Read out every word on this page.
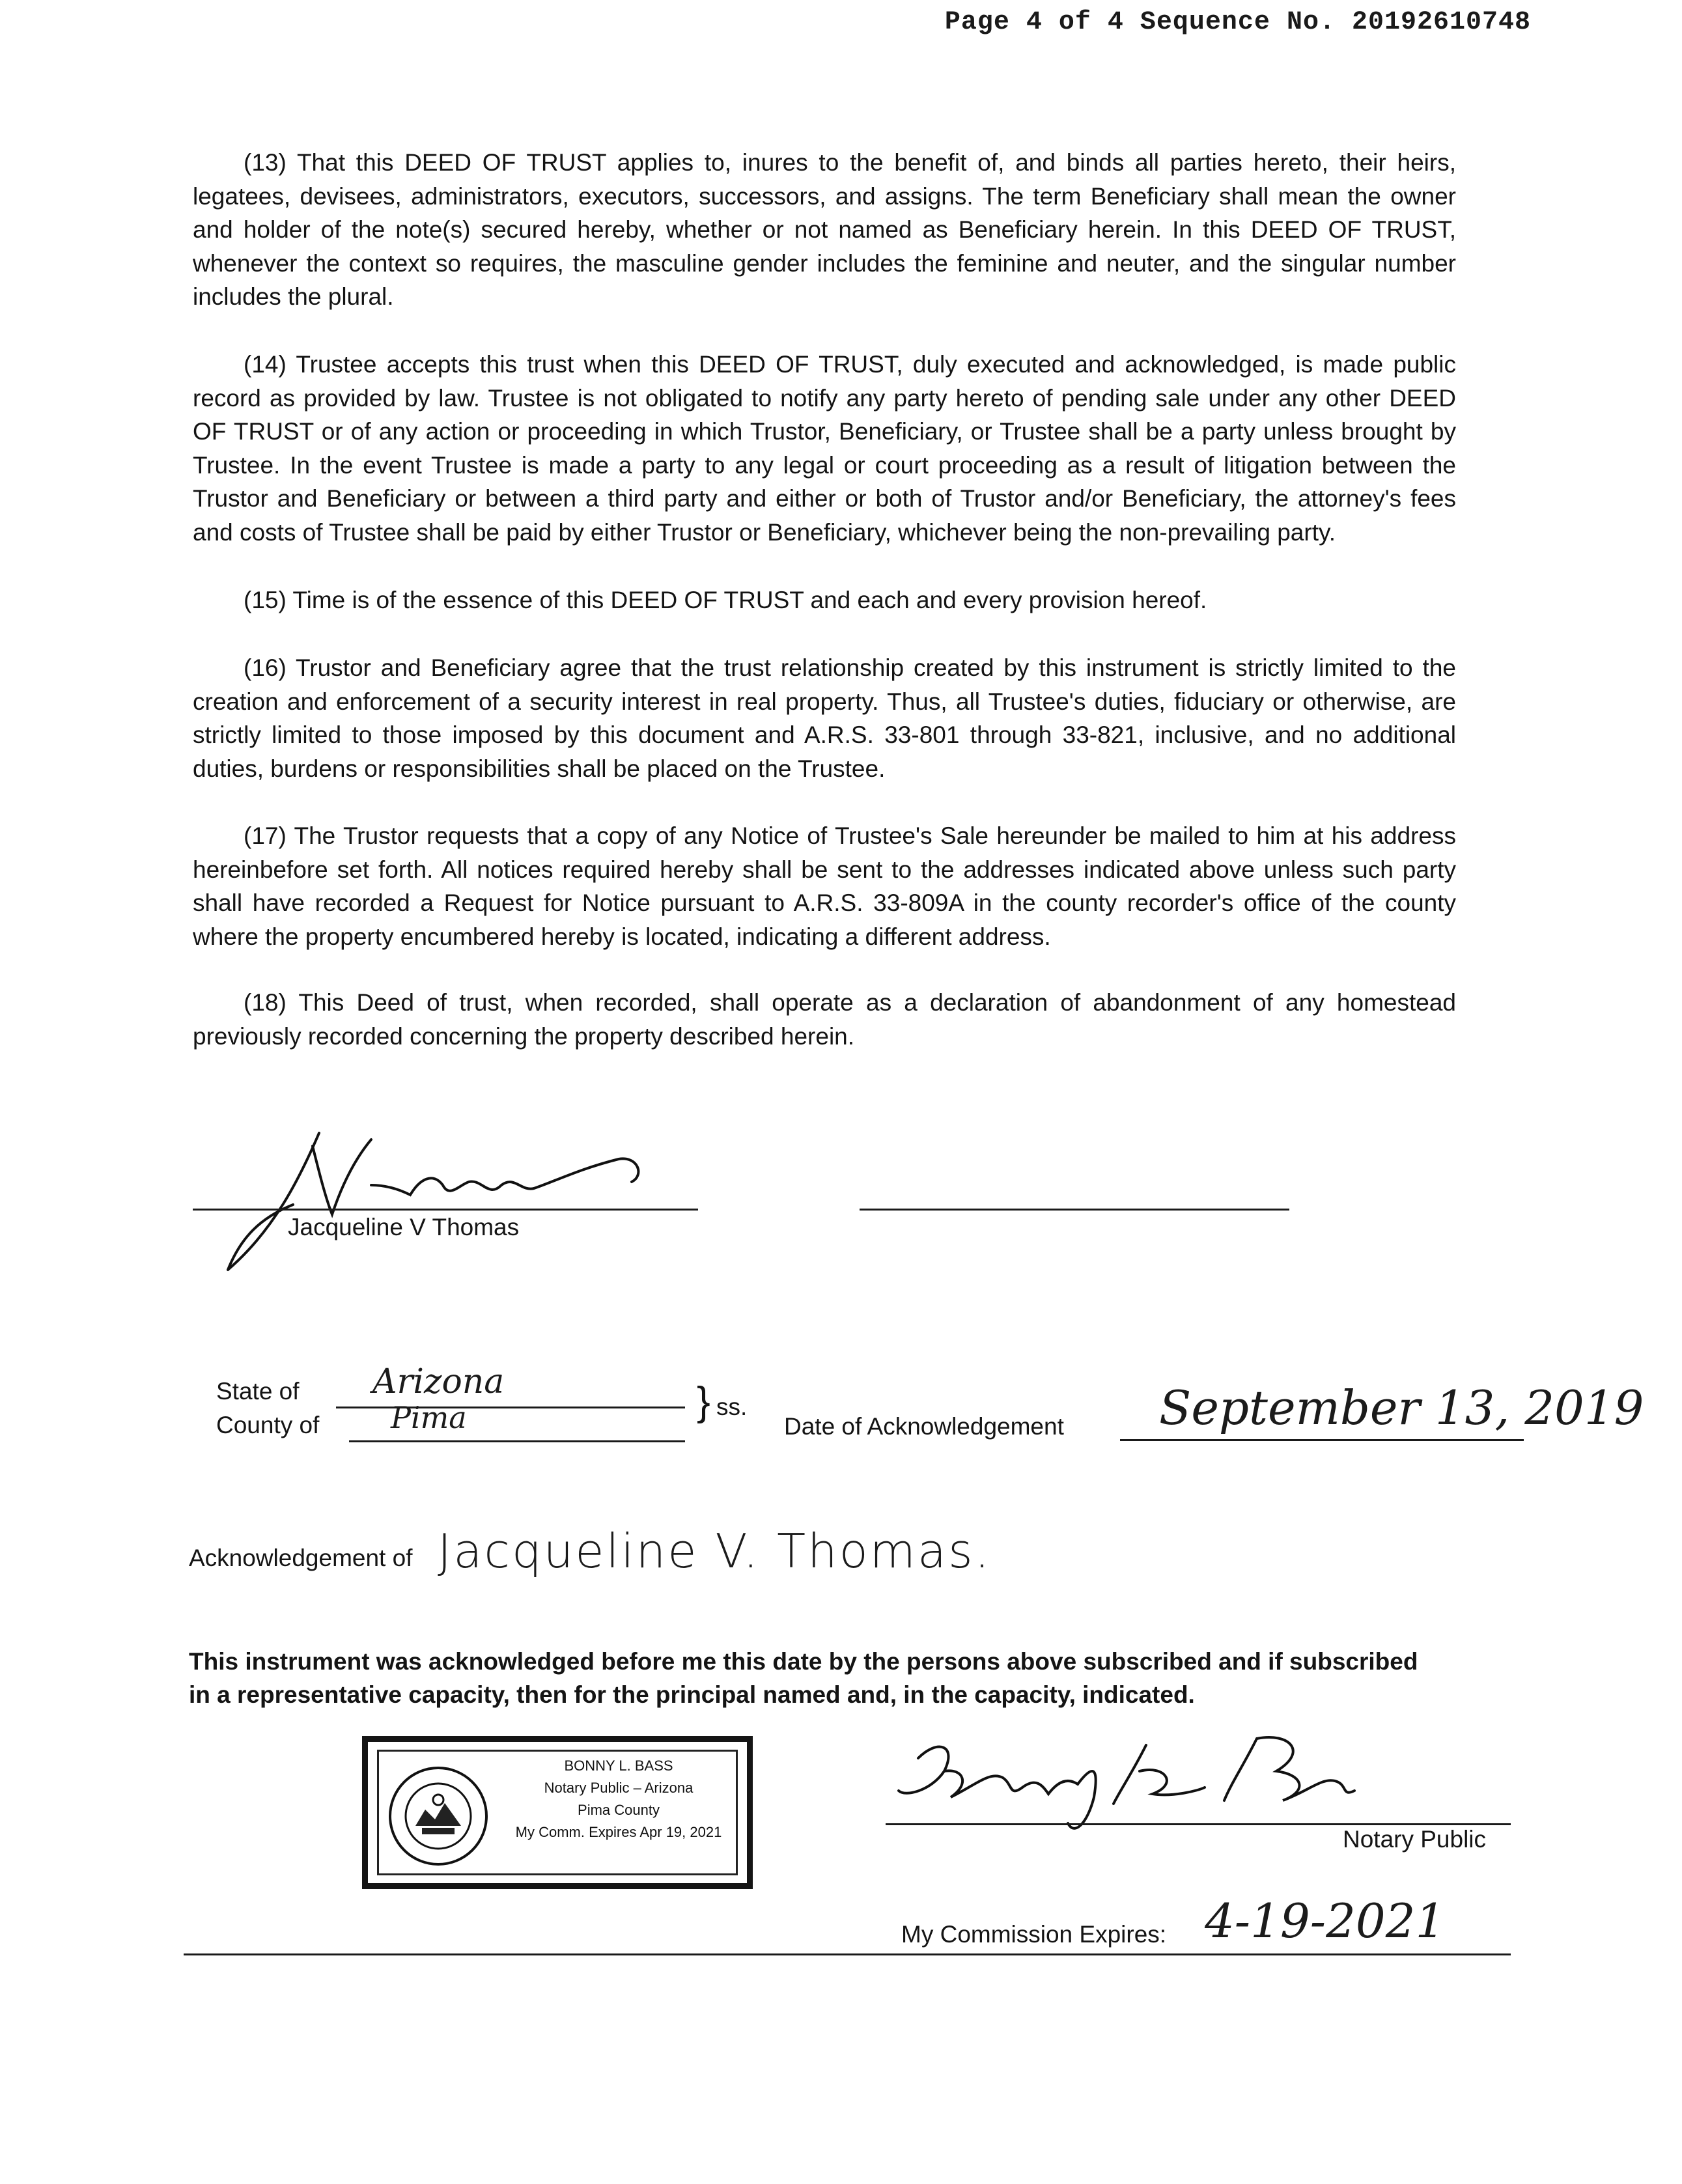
Page 4 of 4 Sequence No. 20192610748

(13) That this DEED OF TRUST applies to, inures to the benefit of, and binds all parties hereto, their heirs, legatees, devisees, administrators, executors, successors, and assigns. The term Beneficiary shall mean the owner and holder of the note(s) secured hereby, whether or not named as Beneficiary herein. In this DEED OF TRUST, whenever the context so requires, the masculine gender includes the feminine and neuter, and the singular number includes the plural.

(14) Trustee accepts this trust when this DEED OF TRUST, duly executed and acknowledged, is made public record as provided by law. Trustee is not obligated to notify any party hereto of pending sale under any other DEED OF TRUST or of any action or proceeding in which Trustor, Beneficiary, or Trustee shall be a party unless brought by Trustee. In the event Trustee is made a party to any legal or court proceeding as a result of litigation between the Trustor and Beneficiary or between a third party and either or both of Trustor and/or Beneficiary, the attorney's fees and costs of Trustee shall be paid by either Trustor or Beneficiary, whichever being the non-prevailing party.

(15) Time is of the essence of this DEED OF TRUST and each and every provision hereof.

(16) Trustor and Beneficiary agree that the trust relationship created by this instrument is strictly limited to the creation and enforcement of a security interest in real property. Thus, all Trustee's duties, fiduciary or otherwise, are strictly limited to those imposed by this document and A.R.S. 33-801 through 33-821, inclusive, and no additional duties, burdens or responsibilities shall be placed on the Trustee.

(17) The Trustor requests that a copy of any Notice of Trustee's Sale hereunder be mailed to him at his address hereinbefore set forth. All notices required hereby shall be sent to the addresses indicated above unless such party shall have recorded a Request for Notice pursuant to A.R.S. 33-809A in the county recorder's office of the county where the property encumbered hereby is located, indicating a different address.

(18) This Deed of trust, when recorded, shall operate as a declaration of abandonment of any homestead previously recorded concerning the property described herein.

Jacqueline V Thomas
State of
County of
Arizona
Pima	} ss.
Date of Acknowledgement September 13, 2019
Acknowledgement of Jacqueline V. Thomas.

This instrument was acknowledged before me this date by the persons above subscribed and if subscribed in a representative capacity, then for the principal named and, in the capacity, indicated.

BONNY L. BASS
Notary Public – Arizona
Pima County
My Comm. Expires Apr 19, 2021	Notary Public
My Commission Expires: 4-19-2021
